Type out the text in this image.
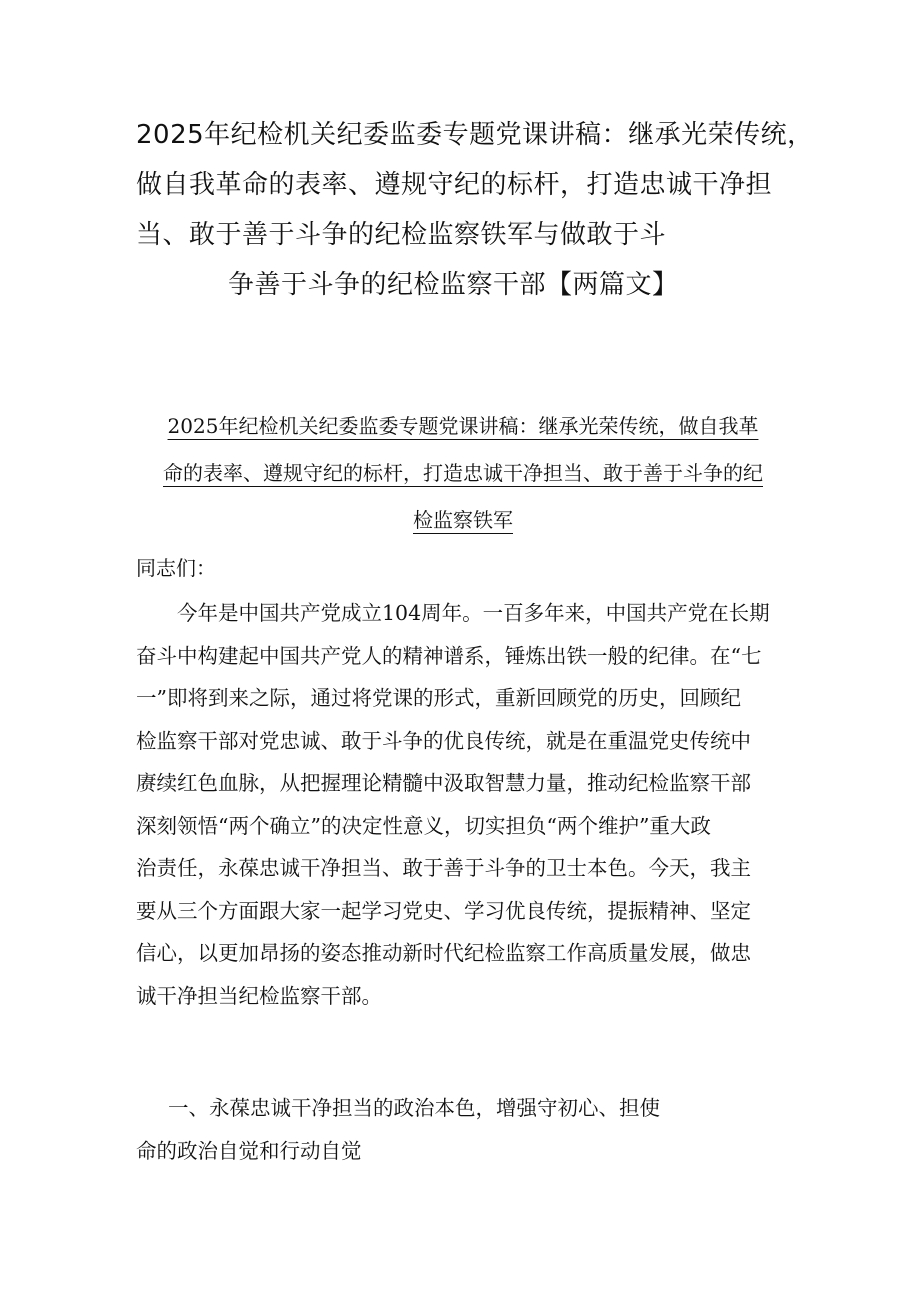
2025年纪检机关纪委监委专题党课讲稿：继承光荣传统，
做自我革命的表率、遵规守纪的标杆，打造忠诚干净担
当、敢于善于斗争的纪检监察铁军与做敢于斗
争善于斗争的纪检监察干部【两篇文】
2025年纪检机关纪委监委专题党课讲稿：继承光荣传统，做自我革
命的表率、遵规守纪的标杆，打造忠诚干净担当、敢于善于斗争的纪
检监察铁军

同志们：

　　今年是中国共产党成立104周年。一百多年来，中国共产党在长期
奋斗中构建起中国共产党人的精神谱系，锤炼出铁一般的纪律。在“七
一”即将到来之际，通过将党课的形式，重新回顾党的历史，回顾纪
检监察干部对党忠诚、敢于斗争的优良传统，就是在重温党史传统中
赓续红色血脉，从把握理论精髓中汲取智慧力量，推动纪检监察干部
深刻领悟“两个确立”的决定性意义，切实担负“两个维护”重大政
治责任，永葆忠诚干净担当、敢于善于斗争的卫士本色。今天，我主
要从三个方面跟大家一起学习党史、学习优良传统，提振精神、坚定
信心，以更加昂扬的姿态推动新时代纪检监察工作高质量发展，做忠
诚干净担当纪检监察干部。

一、永葆忠诚干净担当的政治本色，增强守初心、担使
命的政治自觉和行动自觉
